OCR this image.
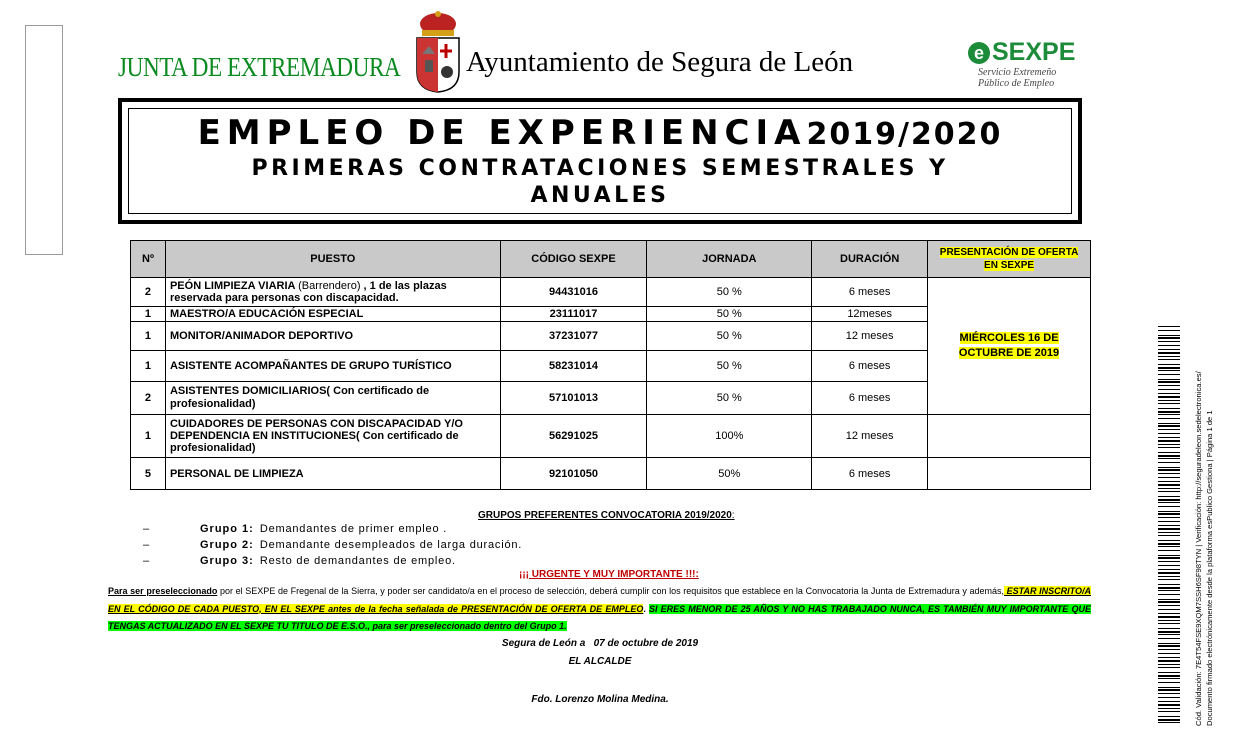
JUNTA DE EXTREMADURA Ayuntamiento de Segura de León	e SEXPE
Servicio Extremeño
Público de Empleo
EMPLEO DE EXPERIENCIA2019/2020
PRIMERAS CONTRATACIONES SEMESTRALES Y
ANUALES
Nº	PUESTO	CÓDIGO SEXPE	JORNADA	DURACIÓN	PRESENTACIÓN DE OFERTA EN SEXPE
2	PEÓN LIMPIEZA VIARIA (Barrendero) , 1 de las plazas reservada para personas con discapacidad.	94431016	50 %	6 meses	MIÉRCOLES 16 DE OCTUBRE DE 2019
1	MAESTRO/A EDUCACIÓN ESPECIAL	23111017	50 %	12meses	
1	MONITOR/ANIMADOR DEPORTIVO	37231077	50 %	12 meses	
1	ASISTENTE ACOMPAÑANTES DE GRUPO TURÍSTICO	58231014	50 %	6 meses	
2	ASISTENTES DOMICILIARIOS( Con certificado de profesionalidad)	57101013	50 %	6 meses	
1	CUIDADORES DE PERSONAS CON DISCAPACIDAD Y/O DEPENDENCIA EN INSTITUCIONES( Con certificado de profesionalidad)	56291025	100%	12 meses	
5	PERSONAL DE LIMPIEZA	92101050	50%	6 meses	
GRUPOS PREFERENTES CONVOCATORIA 2019/2020:
–	Grupo 1: Demandantes de primer empleo .
–	Grupo 2: Demandante desempleados de larga duración.
–	Grupo 3: Resto de demandantes de empleo.
¡¡¡ URGENTE Y MUY IMPORTANTE !!!:
Para ser preseleccionado por el SEXPE de Fregenal de la Sierra, y poder ser candidato/a en el proceso de selección, deberá cumplir con los requisitos que establece en la Convocatoria la Junta de Extremadura y además, ESTAR INSCRITO/A EN EL CÓDIGO DE CADA PUESTO, EN EL SEXPE antes de la fecha señalada de PRESENTACIÓN DE OFERTA DE EMPLEO. SI ERES MENOR DE 25 AÑOS Y NO HAS TRABAJADO NUNCA, ES TAMBIÉN MUY IMPORTANTE QUE TENGAS ACTUALIZADO EN EL SEXPE TU TITULO DE E.S.O., para ser preseleccionado dentro del Grupo 1.
Segura de León a   07 de octubre de 2019
EL ALCALDE
Fdo. Lorenzo Molina Medina.	Cód. Validación: 7E4T54FSE9XQM7SSH6SF98TYN | Verificación: http://seguradeleon.sedelectronica.es/ Documento firmado electrónicamente desde la plataforma esPublico Gestiona | Página 1 de 1
